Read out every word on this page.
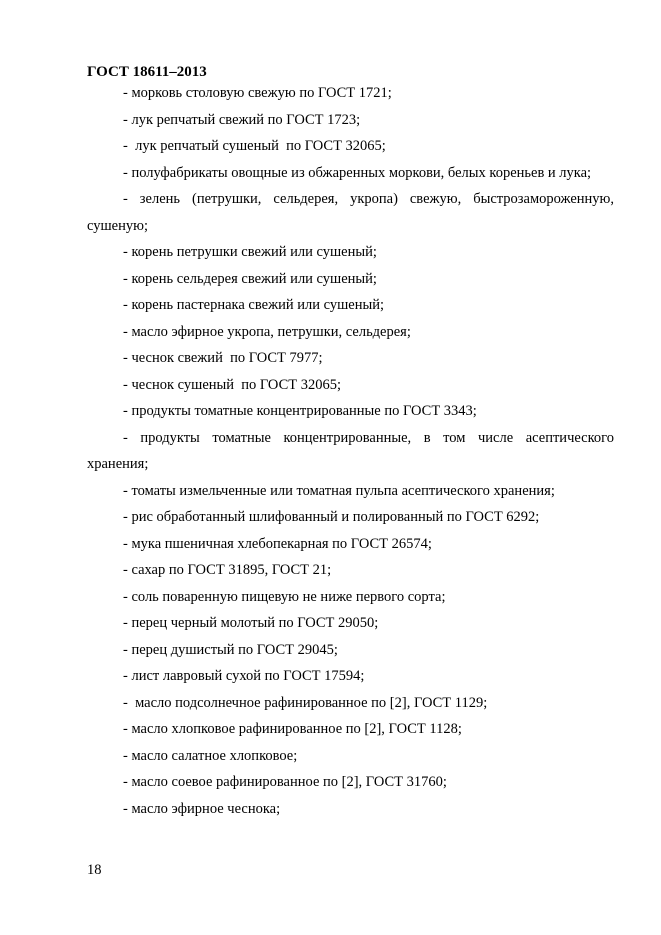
ГОСТ 18611–2013

- морковь столовую свежую по ГОСТ 1721;

- лук репчатый свежий по ГОСТ 1723;

-  лук репчатый сушеный  по ГОСТ 32065;

- полуфабрикаты овощные из обжаренных моркови, белых кореньев и лука;

- зелень (петрушки, сельдерея, укропа) свежую, быстрозамороженную, сушеную;

- корень петрушки свежий или сушеный;

- корень сельдерея свежий или сушеный;

- корень пастернака свежий или сушеный;

- масло эфирное укропа, петрушки, сельдерея;

- чеснок свежий  по ГОСТ 7977;

- чеснок сушеный  по ГОСТ 32065;

- продукты томатные концентрированные по ГОСТ 3343;

- продукты томатные концентрированные, в том числе асептического хранения;

- томаты измельченные или томатная пульпа асептического хранения;

- рис обработанный шлифованный и полированный по ГОСТ 6292;

- мука пшеничная хлебопекарная по ГОСТ 26574;

- сахар по ГОСТ 31895, ГОСТ 21;

- соль поваренную пищевую не ниже первого сорта;

- перец черный молотый по ГОСТ 29050;

- перец душистый по ГОСТ 29045;

- лист лавровый сухой по ГОСТ 17594;

-  масло подсолнечное рафинированное по [2], ГОСТ 1129;

- масло хлопковое рафинированное по [2], ГОСТ 1128;

- масло салатное хлопковое;

- масло соевое рафинированное по [2], ГОСТ 31760;

- масло эфирное чеснока;

18
